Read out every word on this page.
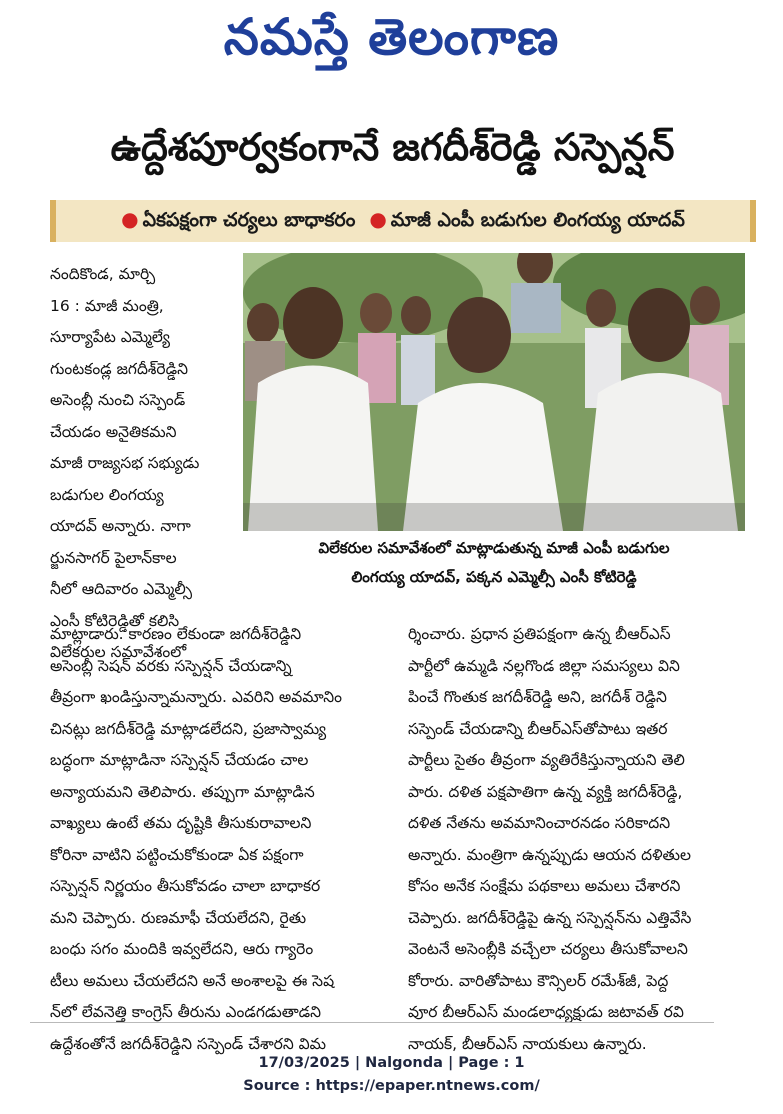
నమస్తే తెలంగాణ
ఉద్దేశపూర్వకంగానే జగదీశ్‌రెడ్డి సస్పెన్షన్
● ఏకపక్షంగా చర్యలు బాధాకరం ● మాజీ ఎంపీ బడుగుల లింగయ్య యాదవ్
నందికొండ, మార్చి
16 : మాజీ మంత్రి,
సూర్యాపేట ఎమ్మెల్యే
గుంటకండ్ల జగదీశ్‌రెడ్డిని
అసెంబ్లీ నుంచి సస్పెండ్
చేయడం అనైతికమని
మాజీ రాజ్యసభ సభ్యుడు
బడుగుల లింగయ్య
యాదవ్ అన్నారు. నాగా
ర్జునసాగర్ పైలాన్‌కాల
నీలో ఆదివారం ఎమ్మెల్సీ
ఎంసీ కోటిరెడ్డితో కలిసి
విలేకరుల సమావేశంలో
విలేకరుల సమావేశంలో మాట్లాడుతున్న మాజీ ఎంపీ బడుగుల
లింగయ్య యాదవ్, పక్కన ఎమ్మెల్సీ ఎంసీ కోటిరెడ్డి
మాట్లాడారు. కారణం లేకుండా జగదీశ్‌రెడ్డిని
అసెంబ్లీ సెషన్ వరకు సస్పెన్షన్ చేయడాన్ని
తీవ్రంగా ఖండిస్తున్నామన్నారు. ఎవరిని అవమానిం
చినట్లు జగదీశ్‌రెడ్డి మాట్లాడలేదని, ప్రజాస్వామ్య
బద్ధంగా మాట్లాడినా సస్పెన్షన్ చేయడం చాల
అన్యాయమని తెలిపారు. తప్పుగా మాట్లాడిన
వాఖ్యలు ఉంటే తమ దృష్టికి తీసుకురావాలని
కోరినా వాటిని పట్టించుకోకుండా ఏక పక్షంగా
సస్పెన్షన్ నిర్ణయం తీసుకోవడం చాలా బాధాకర
మని చెప్పారు. రుణమాఫీ చేయలేదని, రైతు
బంధు సగం మందికి ఇవ్వలేదని, ఆరు గ్యారెం
టీలు అమలు చేయలేదని అనే అంశాలపై ఈ సెష
న్‌లో లేవనెత్తి కాంగ్రెస్ తీరును ఎండగడుతాడని
ఉద్దేశంతోనే జగదీశ్‌రెడ్డిని సస్పెండ్ చేశారని విమ
ర్శించారు. ప్రధాన ప్రతిపక్షంగా ఉన్న బీఆర్ఎస్
పార్టీలో ఉమ్మడి నల్లగొండ జిల్లా సమస్యలు విని
పించే గొంతుక జగదీశ్‌రెడ్డి అని, జగదీశ్ రెడ్డిని
సస్పెండ్ చేయడాన్ని బీఆర్ఎస్‌తోపాటు ఇతర
పార్టీలు సైతం తీవ్రంగా వ్యతిరేకిస్తున్నాయని తెలి
పారు. దళిత పక్షపాతిగా ఉన్న వ్యక్తి జగదీశ్‌రెడ్డి,
దళిత నేతను అవమానించారనడం సరికాదని
అన్నారు. మంత్రిగా ఉన్నప్పుడు ఆయన దళితుల
కోసం అనేక సంక్షేమ పథకాలు అమలు చేశారని
చెప్పారు. జగదీశ్‌రెడ్డిపై ఉన్న సస్పెన్షన్‌ను ఎత్తివేసి
వెంటనే అసెంబ్లీకి వచ్చేలా చర్యలు తీసుకోవాలని
కోరారు. వారితోపాటు కౌన్సిలర్ రమేశ్‌జీ, పెద్ద
వూర బీఆర్ఎస్ మండలాధ్యక్షుడు జటావత్ రవి
నాయక్, బీఆర్ఎస్ నాయకులు ఉన్నారు.
17/03/2025 | Nalgonda | Page : 1
Source : https://epaper.ntnews.com/
